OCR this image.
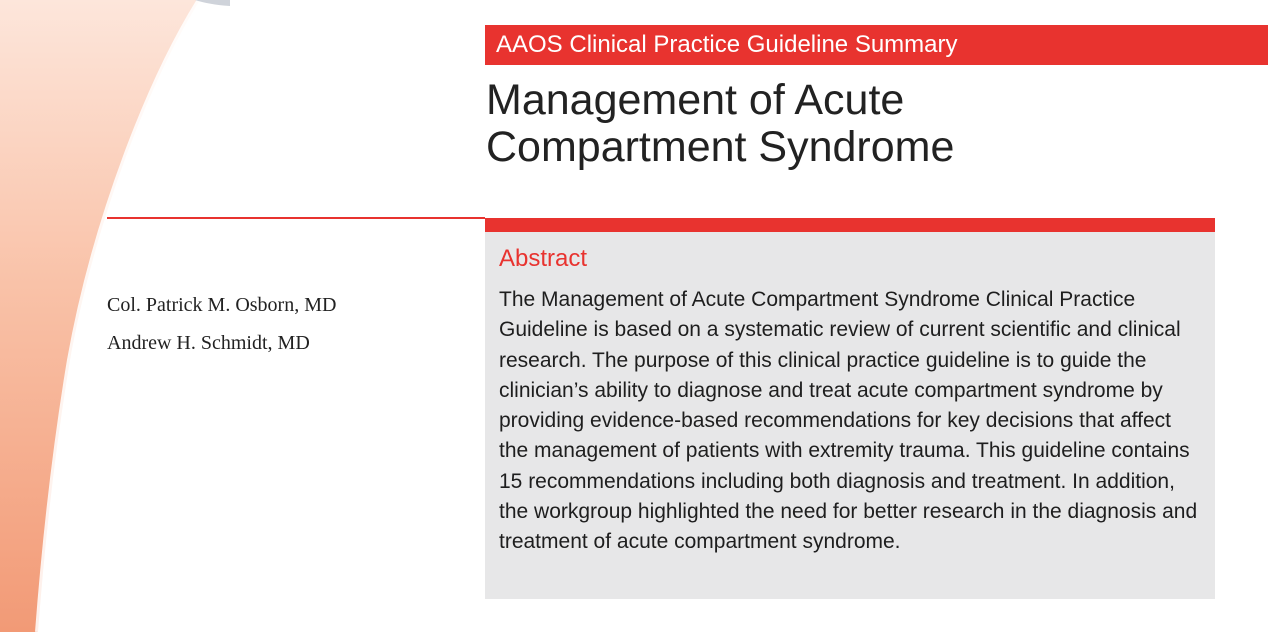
AAOS Clinical Practice Guideline Summary
Management of Acute
Compartment Syndrome
Col. Patrick M. Osborn, MD
Andrew H. Schmidt, MD
Abstract

The Management of Acute Compartment Syndrome Clinical Practice Guideline is based on a systematic review of current scientific and clinical research. The purpose of this clinical practice guideline is to guide the clinician’s ability to diagnose and treat acute compartment syndrome by providing evidence-based recommendations for key decisions that affect the management of patients with extremity trauma. This guideline contains 15 recommendations including both diagnosis and treatment. In addition, the workgroup highlighted the need for better research in the diagnosis and treatment of acute compartment syndrome.
